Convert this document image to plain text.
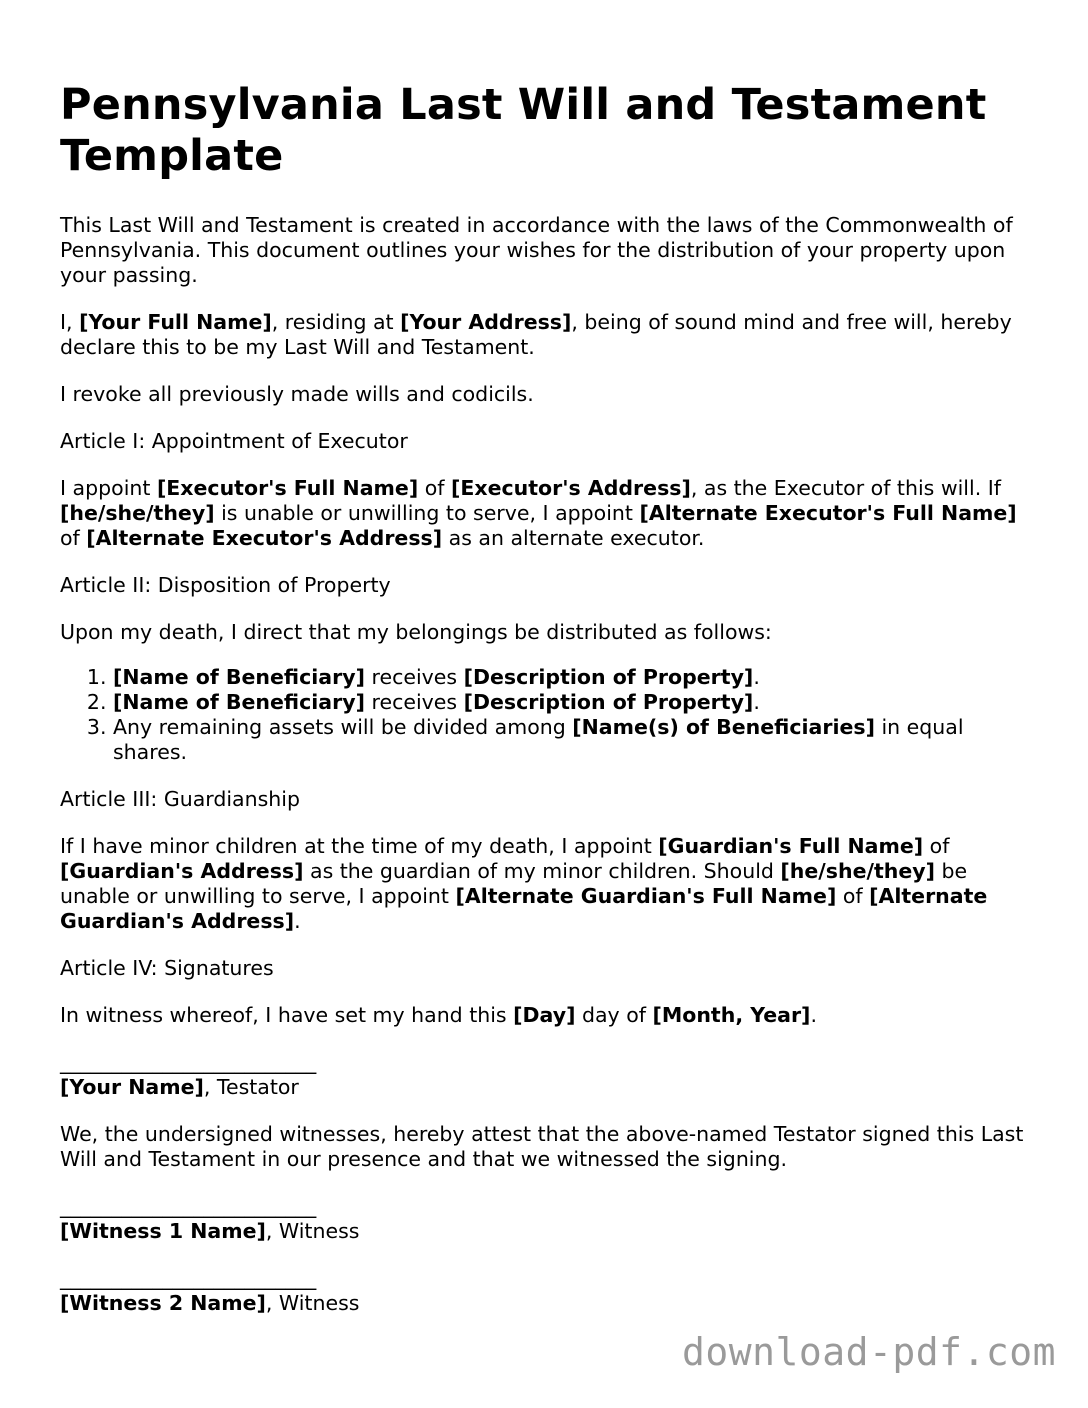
Pennsylvania Last Will and Testament Template

This Last Will and Testament is created in accordance with the laws of the Commonwealth of Pennsylvania. This document outlines your wishes for the distribution of your property upon your passing.

I, [Your Full Name], residing at [Your Address], being of sound mind and free will, hereby declare this to be my Last Will and Testament.

I revoke all previously made wills and codicils.

Article I: Appointment of Executor

I appoint [Executor's Full Name] of [Executor's Address], as the Executor of this will. If [he/she/they] is unable or unwilling to serve, I appoint [Alternate Executor's Full Name] of [Alternate Executor's Address] as an alternate executor.

Article II: Disposition of Property

Upon my death, I direct that my belongings be distributed as follows:

1. [Name of Beneficiary] receives [Description of Property].
2. [Name of Beneficiary] receives [Description of Property].
3. Any remaining assets will be divided among [Name(s) of Beneficiaries] in equal shares.

Article III: Guardianship

If I have minor children at the time of my death, I appoint [Guardian's Full Name] of [Guardian's Address] as the guardian of my minor children. Should [he/she/they] be unable or unwilling to serve, I appoint [Alternate Guardian's Full Name] of [Alternate Guardian's Address].

Article IV: Signatures

In witness whereof, I have set my hand this [Day] day of [Month, Year].

_________________________

[Your Name], Testator

We, the undersigned witnesses, hereby attest that the above-named Testator signed this Last Will and Testament in our presence and that we witnessed the signing.

_________________________

[Witness 1 Name], Witness

_________________________

[Witness 2 Name], Witness

download-pdf.com
